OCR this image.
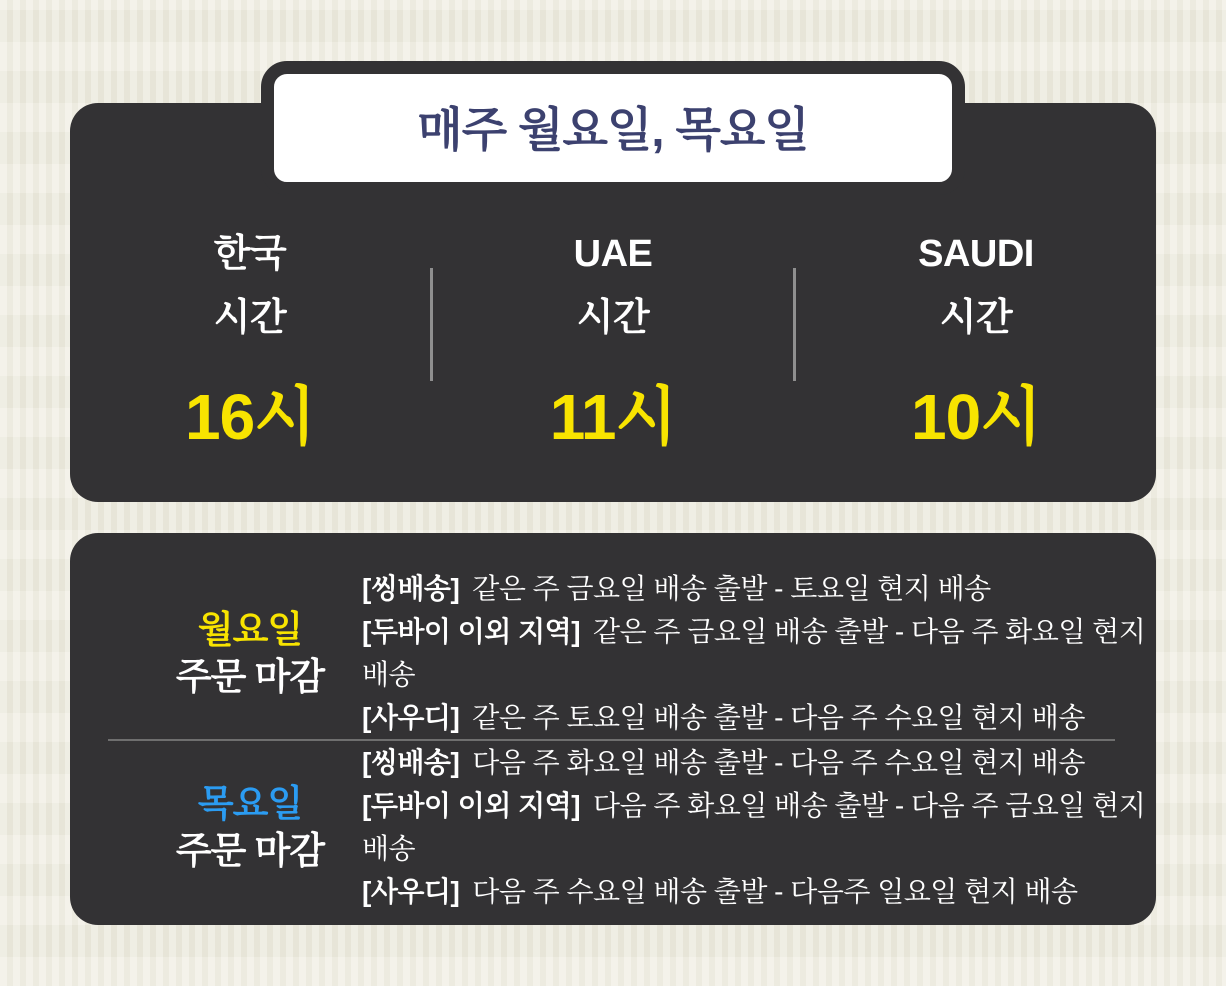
매주 월요일, 목요일
한국
시간
16시
UAE
시간
11시
SAUDI
시간
10시
월요일
주문 마감
[씽배송] 같은 주 금요일 배송 출발 - 토요일 현지 배송
[두바이 이외 지역] 같은 주 금요일 배송 출발 - 다음 주 화요일 현지 배송
[사우디] 같은 주 토요일 배송 출발 - 다음 주 수요일 현지 배송
목요일
주문 마감
[씽배송] 다음 주 화요일 배송 출발 - 다음 주 수요일 현지 배송
[두바이 이외 지역] 다음 주 화요일 배송 출발 - 다음 주 금요일 현지 배송
[사우디] 다음 주 수요일 배송 출발 - 다음주 일요일 현지 배송
